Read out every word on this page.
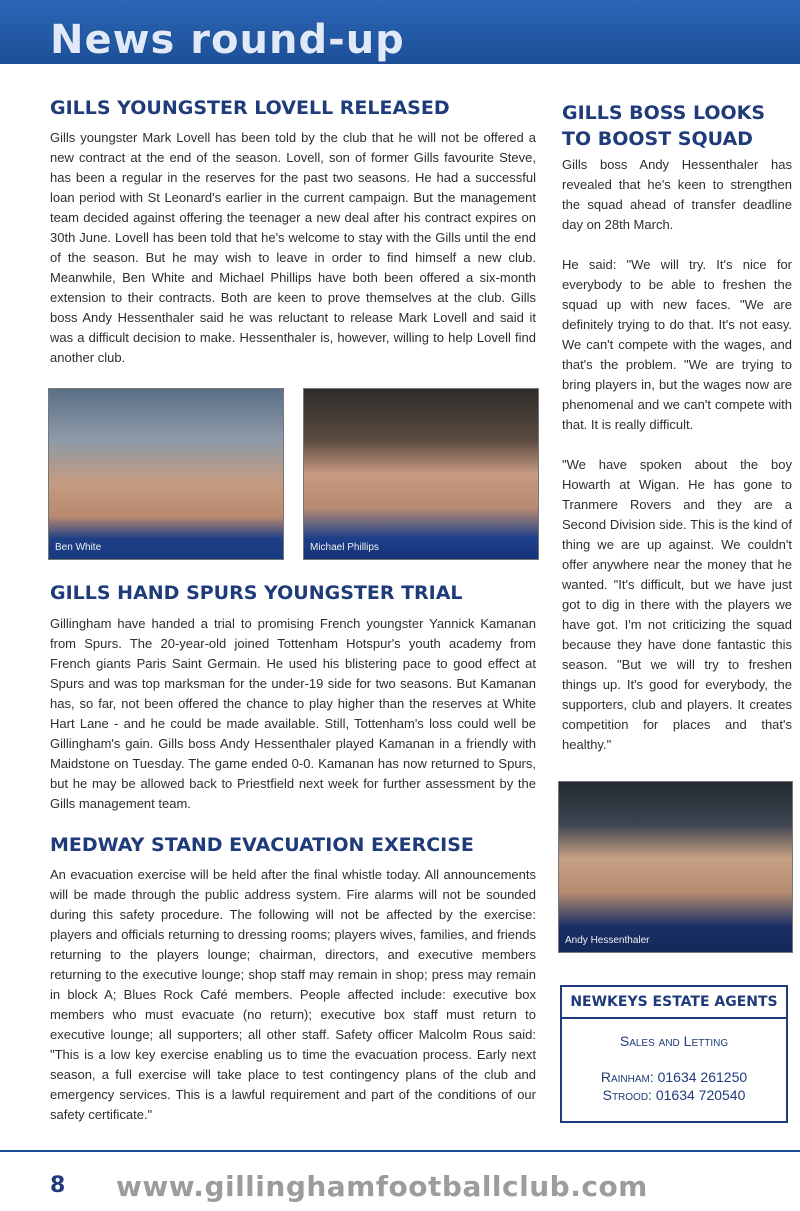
News round-up
GILLS YOUNGSTER LOVELL RELEASED
Gills youngster Mark Lovell has been told by the club that he will not be offered a new contract at the end of the season. Lovell, son of former Gills favourite Steve, has been a regular in the reserves for the past two seasons. He had a successful loan period with St Leonard's earlier in the current campaign. But the management team decided against offering the teenager a new deal after his contract expires on 30th June. Lovell has been told that he's welcome to stay with the Gills until the end of the season. But he may wish to leave in order to find himself a new club. Meanwhile, Ben White and Michael Phillips have both been offered a six-month extension to their contracts. Both are keen to prove themselves at the club. Gills boss Andy Hessenthaler said he was reluctant to release Mark Lovell and said it was a difficult decision to make. Hessenthaler is, however, willing to help Lovell find another club.
Ben White	Michael Phillips
GILLS HAND SPURS YOUNGSTER TRIAL
Gillingham have handed a trial to promising French youngster Yannick Kamanan from Spurs. The 20-year-old joined Tottenham Hotspur's youth academy from French giants Paris Saint Germain. He used his blistering pace to good effect at Spurs and was top marksman for the under-19 side for two seasons. But Kamanan has, so far, not been offered the chance to play higher than the reserves at White Hart Lane - and he could be made available. Still, Tottenham's loss could well be Gillingham's gain. Gills boss Andy Hessenthaler played Kamanan in a friendly with Maidstone on Tuesday. The game ended 0-0. Kamanan has now returned to Spurs, but he may be allowed back to Priestfield next week for further assessment by the Gills management team.
MEDWAY STAND EVACUATION EXERCISE
An evacuation exercise will be held after the final whistle today. All announcements will be made through the public address system. Fire alarms will not be sounded during this safety procedure. The following will not be affected by the exercise: players and officials returning to dressing rooms; players wives, families, and friends returning to the players lounge; chairman, directors, and executive members returning to the executive lounge; shop staff may remain in shop; press may remain in block A; Blues Rock Café members. People affected include: executive box members who must evacuate (no return); executive box staff must return to executive lounge; all supporters; all other staff. Safety officer Malcolm Rous said: "This is a low key exercise enabling us to time the evacuation process. Early next season, a full exercise will take place to test contingency plans of the club and emergency services. This is a lawful requirement and part of the conditions of our safety certificate."
GILLS BOSS LOOKS TO BOOST SQUAD

Gills boss Andy Hessenthaler has revealed that he's keen to strengthen the squad ahead of transfer deadline day on 28th March.

He said: "We will try. It's nice for everybody to be able to freshen the squad up with new faces. "We are definitely trying to do that. It's not easy. We can't compete with the wages, and that's the problem. "We are trying to bring players in, but the wages now are phenomenal and we can't compete with that. It is really difficult.

"We have spoken about the boy Howarth at Wigan. He has gone to Tranmere Rovers and they are a Second Division side. This is the kind of thing we are up against. We couldn't offer anywhere near the money that he wanted. "It's difficult, but we have just got to dig in there with the players we have got. I'm not criticizing the squad because they have done fantastic this season. "But we will try to freshen things up. It's good for everybody, the supporters, club and players. It creates competition for places and that's healthy."

Andy Hessenthaler
NEWKEYS ESTATE AGENTS
Sales and Letting
Rainham: 01634 261250
Strood: 01634 720540
8 www.gillinghamfootballclub.com
